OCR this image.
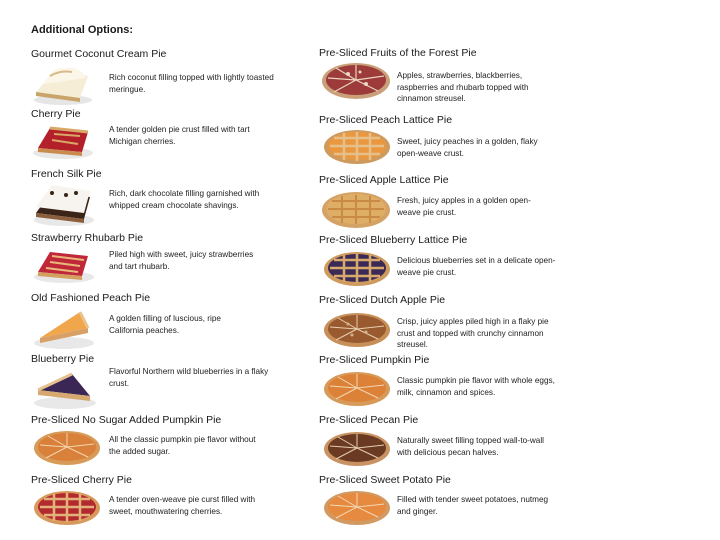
Additional Options:
Gourmet Coconut Cream Pie
Rich coconut filling topped with lightly toasted meringue.
Cherry Pie
A tender golden pie crust filled with tart Michigan cherries.
French Silk Pie
Rich, dark chocolate filling garnished with whipped cream chocolate shavings.
Strawberry Rhubarb Pie
Piled high with sweet, juicy strawberries and tart rhubarb.
Old Fashioned Peach Pie
A golden filling of luscious, ripe California peaches.
Blueberry Pie
Flavorful Northern wild blueberries in a flaky crust.
Pre-Sliced No Sugar Added Pumpkin Pie
All the classic pumpkin pie flavor without the added sugar.
Pre-Sliced Cherry Pie
A tender oven-weave pie curst filled with sweet, mouthwatering cherries.
Pre-Sliced Fruits of the Forest Pie
Apples, strawberries, blackberries, raspberries and rhubarb topped with cinnamon streusel.
Pre-Sliced Peach Lattice Pie
Sweet, juicy peaches in a golden, flaky open-weave crust.
Pre-Sliced Apple Lattice Pie
Fresh, juicy apples in a golden open-weave pie crust.
Pre-Sliced Blueberry Lattice Pie
Delicious blueberries set in a delicate open-weave pie crust.
Pre-Sliced Dutch Apple Pie
Crisp, juicy apples piled high in a flaky pie crust and topped with crunchy cinnamon streusel.
Pre-Sliced Pumpkin Pie
Classic pumpkin pie flavor with whole eggs, milk, cinnamon and spices.
Pre-Sliced Pecan Pie
Naturally sweet filling topped wall-to-wall with delicious pecan halves.
Pre-Sliced Sweet Potato Pie
Filled with tender sweet potatoes, nutmeg and ginger.
